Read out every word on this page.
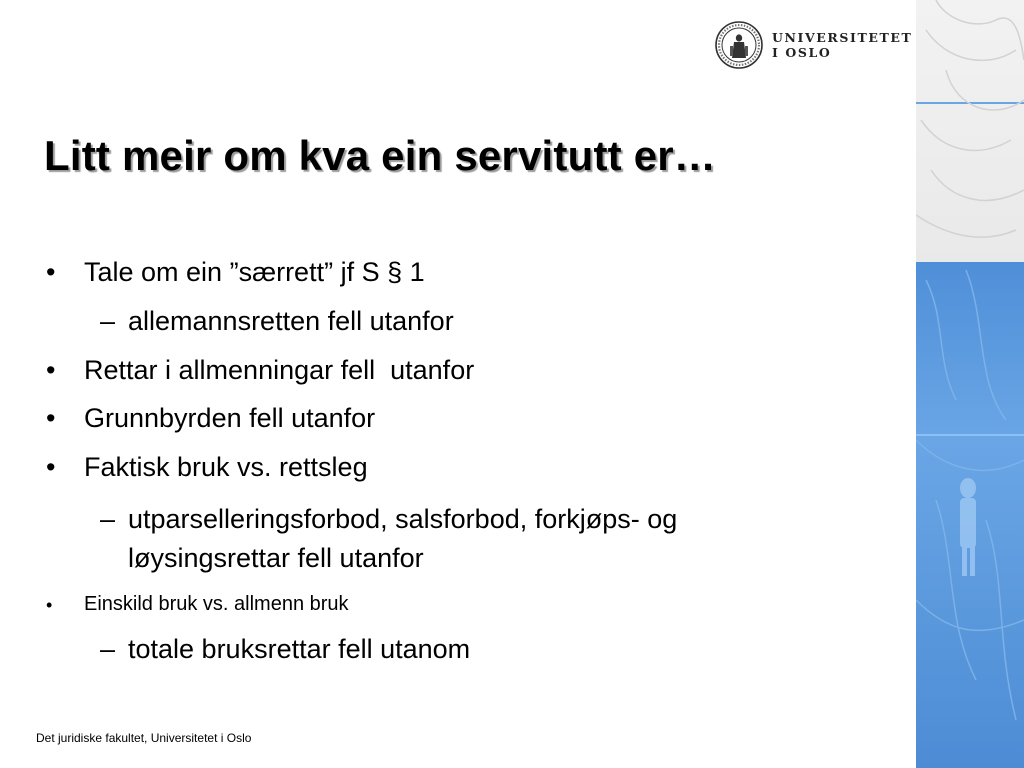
UNIVERSITETET
I OSLO
Litt meir om kva ein servitutt er…
• Tale om ein ”særrett” jf S § 1
– allemannsretten fell utanfor
• Rettar i allmenningar fell  utanfor
• Grunnbyrden fell utanfor
• Faktisk bruk vs. rettsleg
– utparselleringsforbod, salsforbod, forkjøps- og
løysingsrettar fell utanfor
• Einskild bruk vs. allmenn bruk
– totale bruksrettar fell utanom
Det juridiske fakultet, Universitetet i Oslo
